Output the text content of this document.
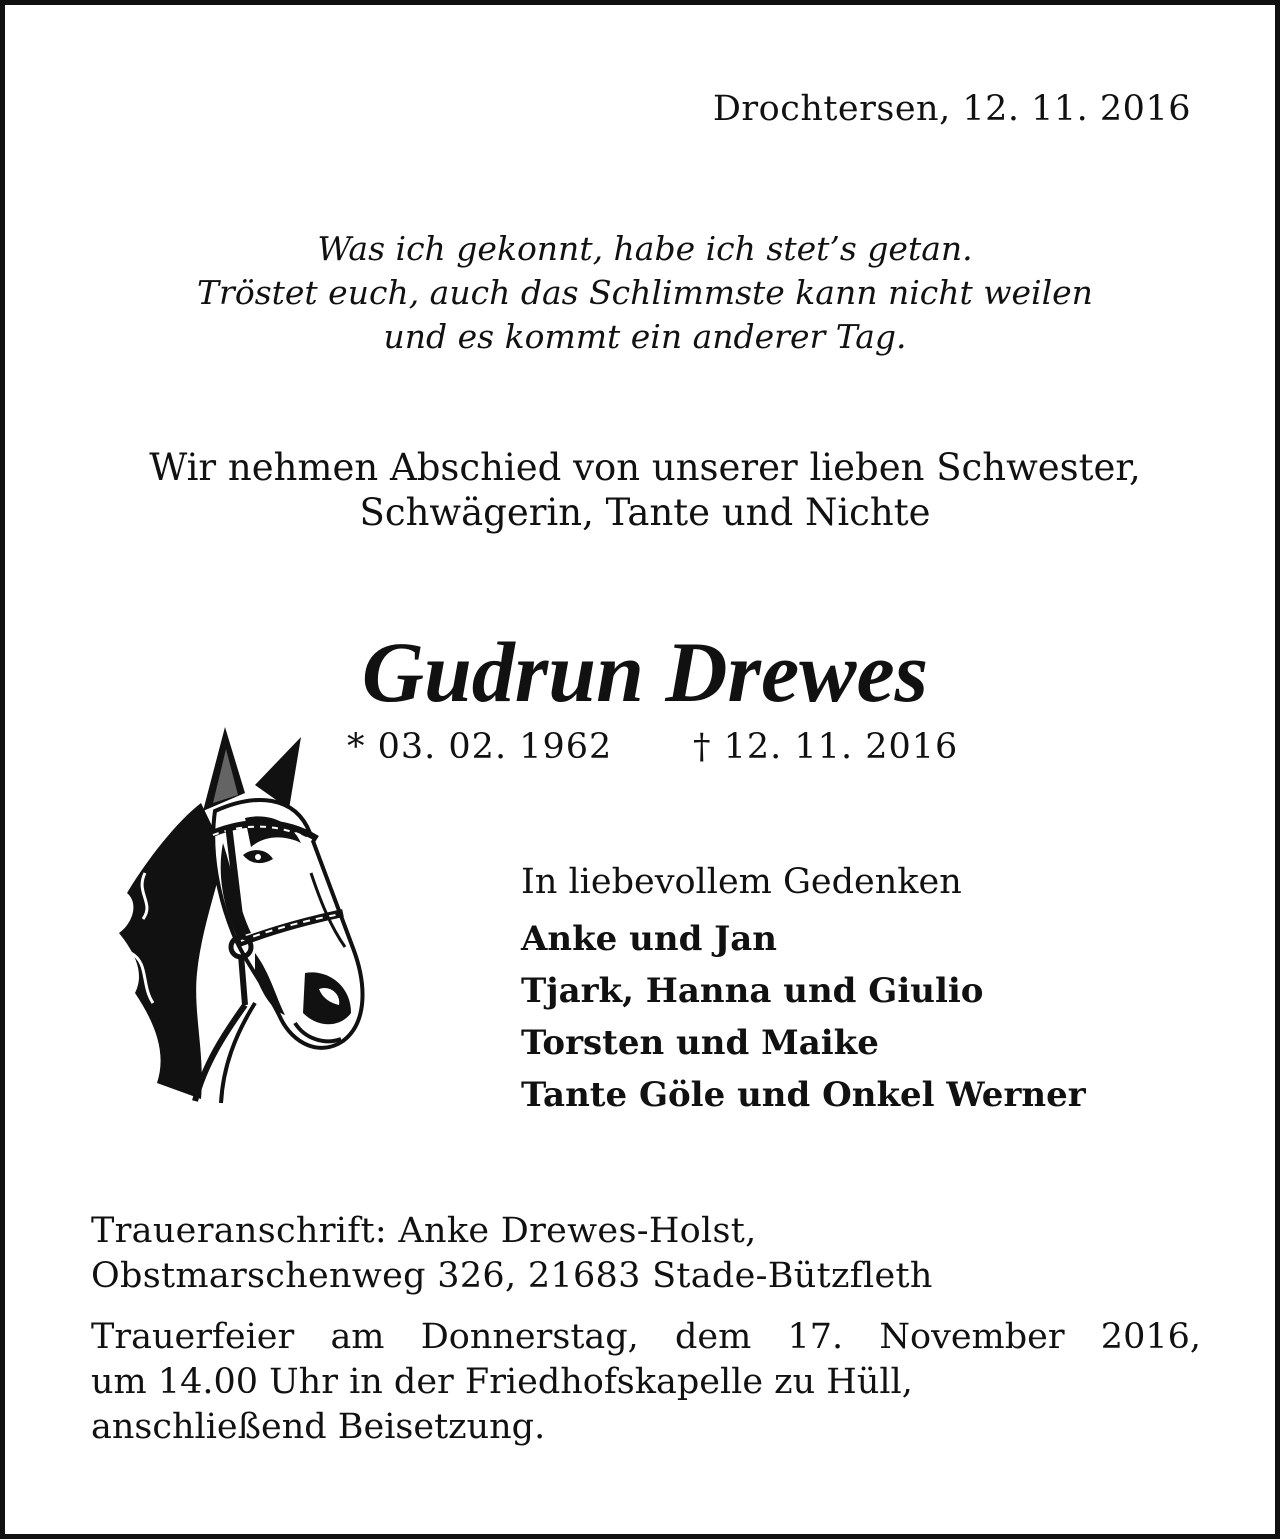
Drochtersen, 12. 11. 2016
Was ich gekonnt, habe ich stet’s getan.
Tröstet euch, auch das Schlimmste kann nicht weilen
und es kommt ein anderer Tag.
Wir nehmen Abschied von unserer lieben Schwester,
Schwägerin, Tante und Nichte
Gudrun Drewes
* 03. 02. 1962 † 12. 11. 2016
In liebevollem Gedenken
Anke und Jan
Tjark, Hanna und Giulio
Torsten und Maike
Tante Göle und Onkel Werner
Traueranschrift: Anke Drewes-Holst,
Obstmarschenweg 326, 21683 Stade-Bützfleth
Trauerfeier am Donnerstag, dem 17. November 2016,
um 14.00 Uhr in der Friedhofskapelle zu Hüll,
anschließend Beisetzung.
